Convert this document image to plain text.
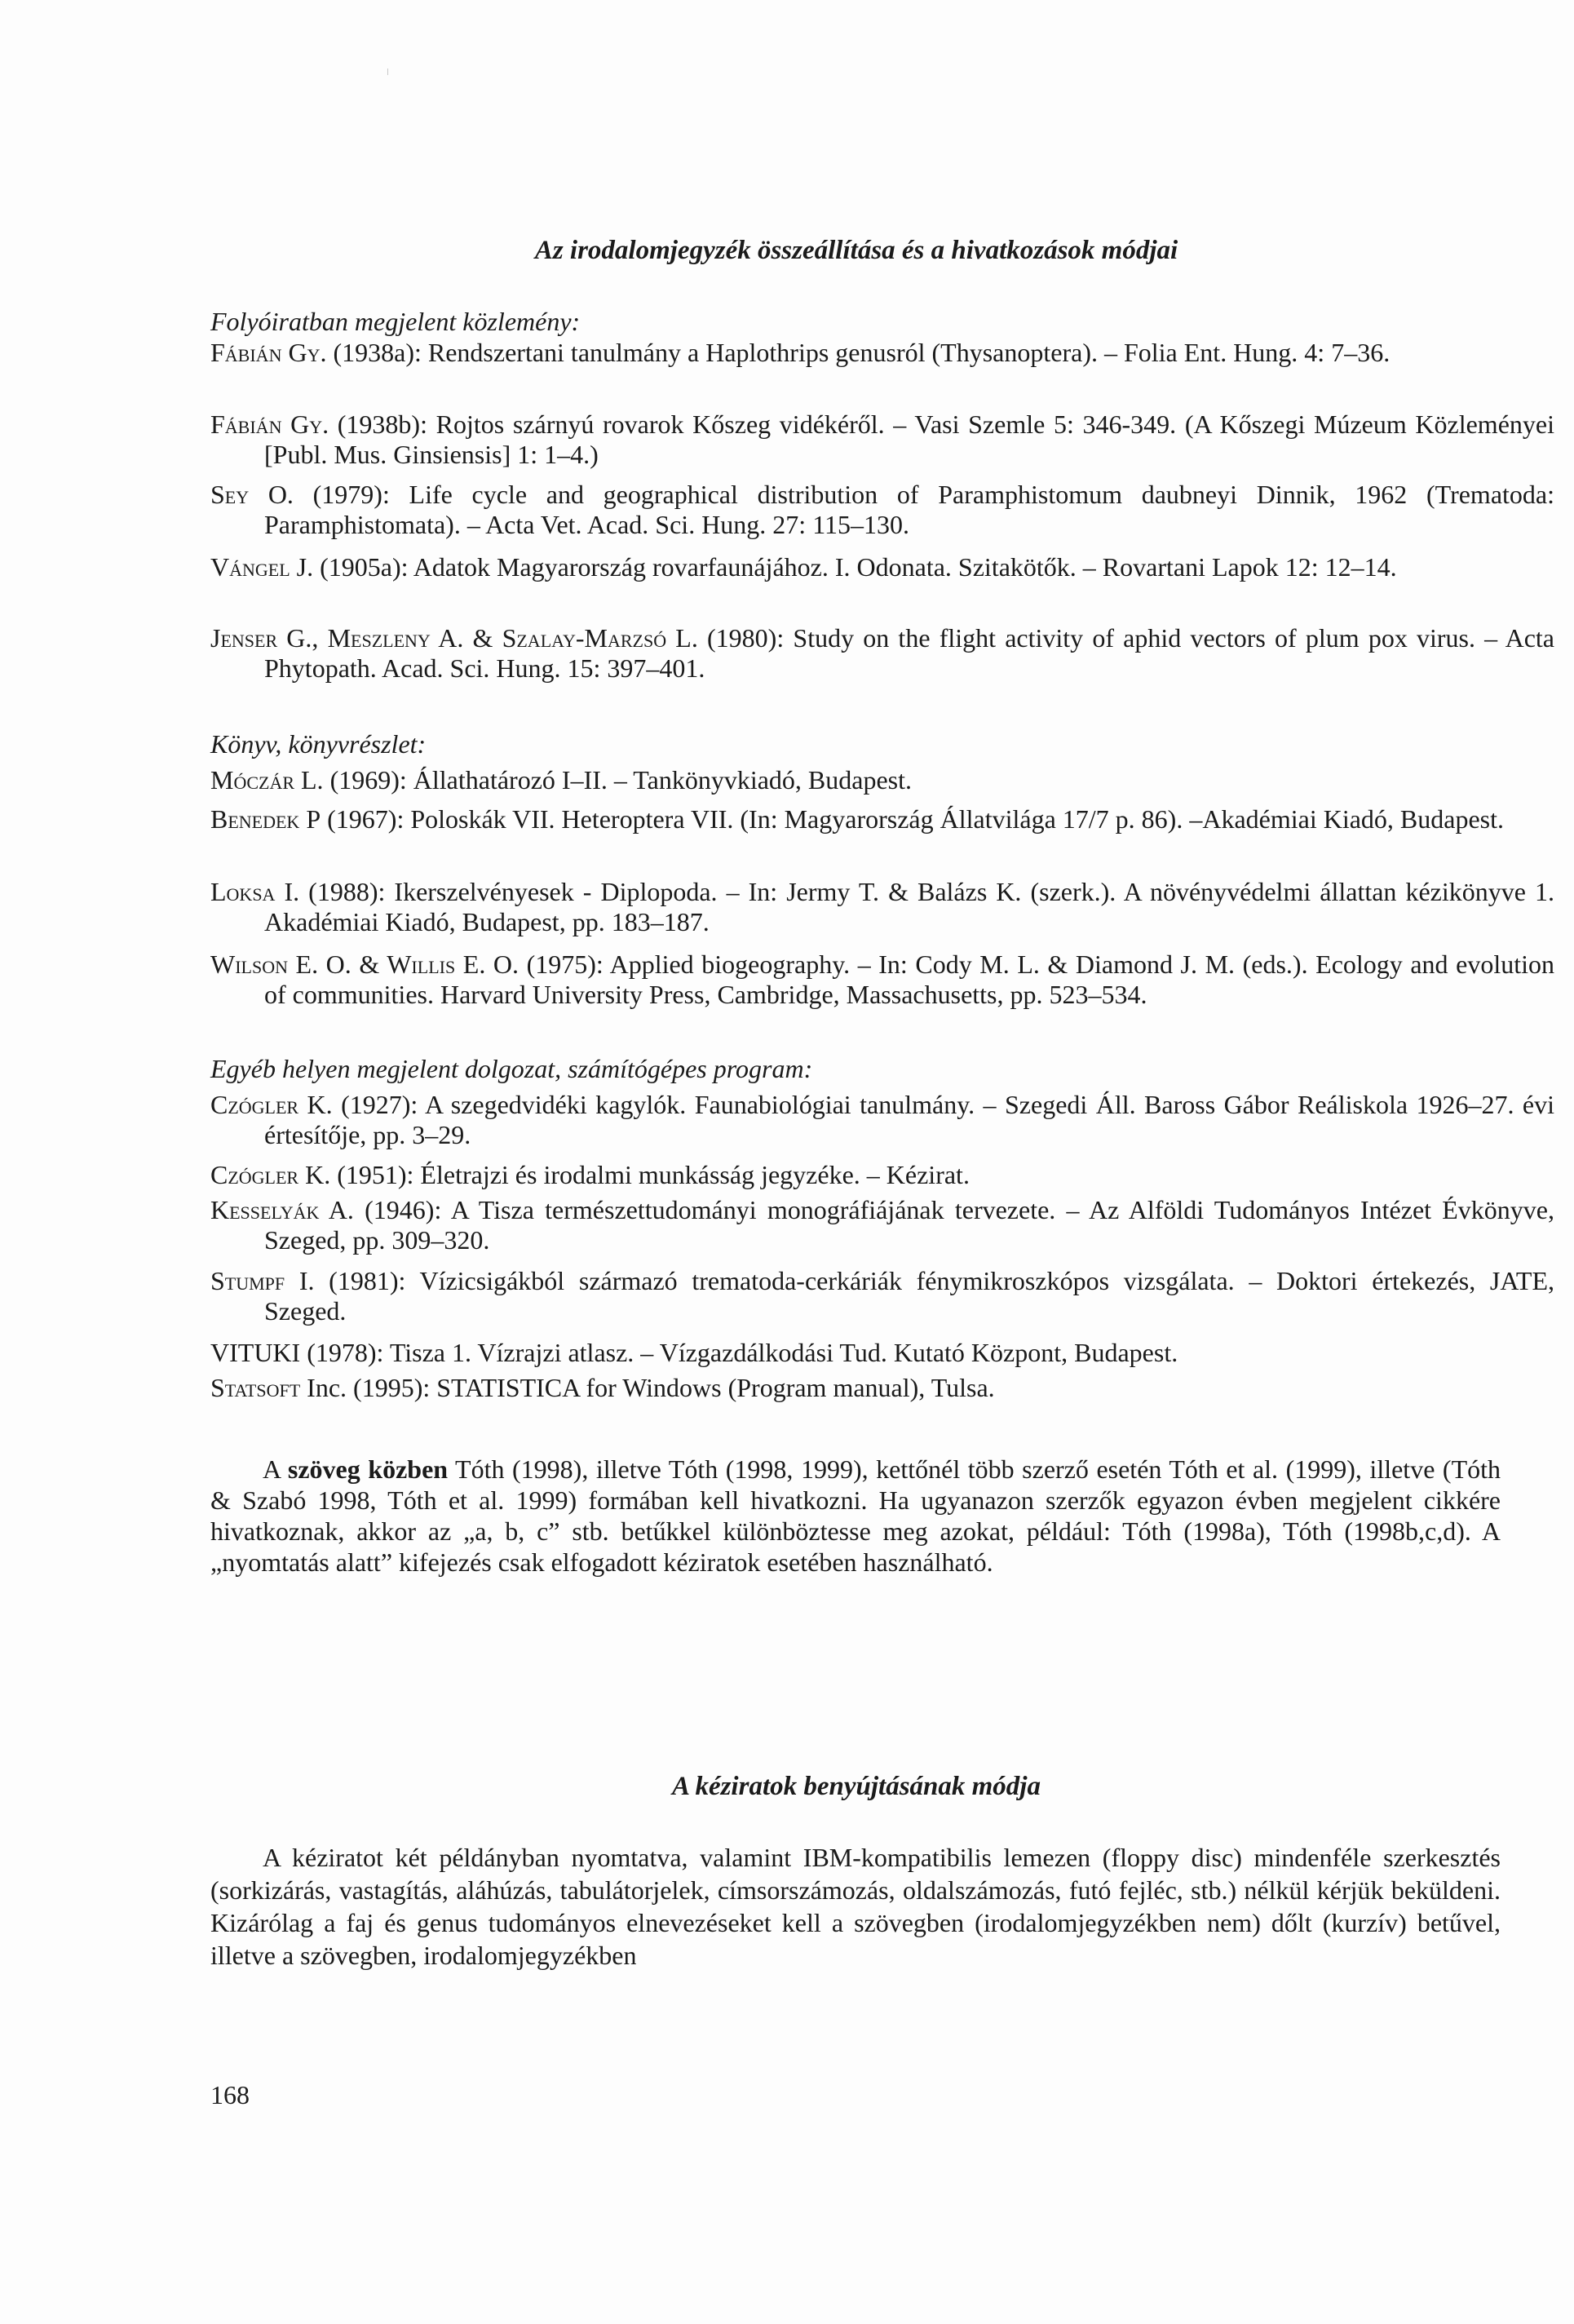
Az irodalomjegyzék összeállítása és a hivatkozások módjai
Folyóiratban megjelent közlemény:
Fábián Gy. (1938a): Rendszertani tanulmány a Haplothrips genusról (Thysanoptera). – Folia Ent. Hung. 4: 7–36.
Fábián Gy. (1938b): Rojtos szárnyú rovarok Kőszeg vidékéről. – Vasi Szemle 5: 346-349. (A Kőszegi Múzeum Közleményei [Publ. Mus. Ginsiensis] 1: 1–4.)
Sey O. (1979): Life cycle and geographical distribution of Paramphistomum daubneyi Dinnik, 1962 (Trematoda: Paramphistomata). – Acta Vet. Acad. Sci. Hung. 27: 115–130.
Vángel J. (1905a): Adatok Magyarország rovarfaunájához. I. Odonata. Szitakötők. – Rovartani Lapok 12: 12–14.
Jenser G., Meszleny A. & Szalay-Marzsó L. (1980): Study on the flight activity of aphid vectors of plum pox virus. – Acta Phytopath. Acad. Sci. Hung. 15: 397–401.
Könyv, könyvrészlet:
Móczár L. (1969): Állathatározó I–II. – Tankönyvkiadó, Budapest.
Benedek P (1967): Poloskák VII. Heteroptera VII. (In: Magyarország Állatvilága 17/7 p. 86). –Akadémiai Kiadó, Budapest.
Loksa I. (1988): Ikerszelvényesek - Diplopoda. – In: Jermy T. & Balázs K. (szerk.). A növényvédelmi állattan kézikönyve 1. Akadémiai Kiadó, Budapest, pp. 183–187.
Wilson E. O. & Willis E. O. (1975): Applied biogeography. – In: Cody M. L. & Diamond J. M. (eds.). Ecology and evolution of communities. Harvard University Press, Cambridge, Massachusetts, pp. 523–534.
Egyéb helyen megjelent dolgozat, számítógépes program:
Czógler K. (1927): A szegedvidéki kagylók. Faunabiológiai tanulmány. – Szegedi Áll. Baross Gábor Reáliskola 1926–27. évi értesítője, pp. 3–29.
Czógler K. (1951): Életrajzi és irodalmi munkásság jegyzéke. – Kézirat.
Kesselyák A. (1946): A Tisza természettudományi monográfiájának tervezete. – Az Alföldi Tudományos Intézet Évkönyve, Szeged, pp. 309–320.
Stumpf I. (1981): Vízicsigákból származó trematoda-cerkáriák fénymikroszkópos vizsgálata. – Doktori értekezés, JATE, Szeged.
VITUKI (1978): Tisza 1. Vízrajzi atlasz. – Vízgazdálkodási Tud. Kutató Központ, Budapest.
Statsoft Inc. (1995): STATISTICA for Windows (Program manual), Tulsa.
A szöveg közben Tóth (1998), illetve Tóth (1998, 1999), kettőnél több szerző esetén Tóth et al. (1999), illetve (Tóth & Szabó 1998, Tóth et al. 1999) formában kell hivatkozni. Ha ugyanazon szerzők egyazon évben megjelent cikkére hivatkoznak, akkor az „a, b, c” stb. betűkkel különböztesse meg azokat, például: Tóth (1998a), Tóth (1998b,c,d). A „nyomtatás alatt” kifejezés csak elfogadott kéziratok esetében használható.
A kéziratok benyújtásának módja
A kéziratot két példányban nyomtatva, valamint IBM-kompatibilis lemezen (floppy disc) mindenféle szerkesztés (sorkizárás, vastagítás, aláhúzás, tabulátorjelek, címsorszámozás, oldalszámozás, futó fejléc, stb.) nélkül kérjük beküldeni. Kizárólag a faj és genus tudományos elnevezéseket kell a szövegben (irodalomjegyzékben nem) dőlt (kurzív) betűvel, illetve a szövegben, irodalomjegyzékben
168
